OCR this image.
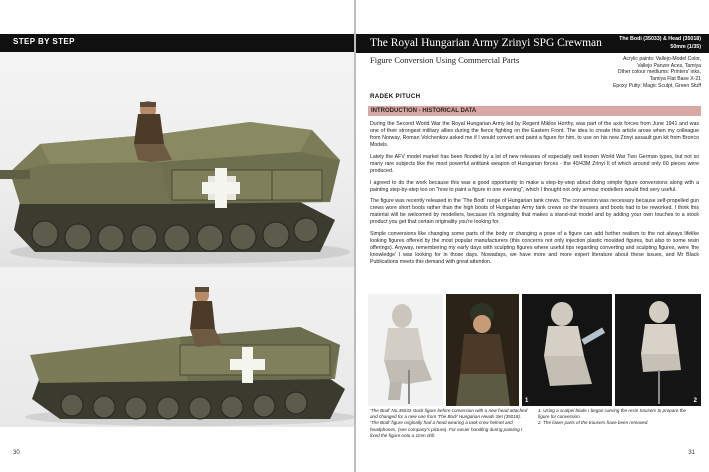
STEP BY STEP
30
The Royal Hungarian Army Zrinyi SPG Crewman	The Bodi (35033) & Head (35018)
50mm (1/35)
Figure Conversion Using Commercial Parts	Acrylic paints: Vallejo-Model Color,
Vallejo Panzer Aces, Tamiya
Other colour mediums: Printers' inks,
Tamiya Flat Base X-21
Epoxy Putty: Magic Sculpt, Green Stuff
RADEK PITUCH
INTRODUCTION - HISTORICAL DATA

During the Second World War the Royal Hungarian Army led by Regent Miklos Horthy, was part of the axis forces from June 1941 and was one of their strongest military allies during the fierce fighting on the Eastern Front. The idea to create this article arose when my colleague from Norway, Roman Volchenkov asked me if I would convert and paint a figure for him, to use on his new Zrinyi assault gun kit from Bronco Models.

Lately the AFV model market has been flooded by a lot of new releases of especially well known World War Two German types, but not so many rare subjects like the most powerful antitank weapon of Hungarian forces - the 40/43M Zrinyi II of which around only 60 pieces were produced.

I agreed to do the work because this was a good opportunity to make a step-by-step about doing simple figure conversions along with a painting step-by-step too on "how to paint a figure in one evening", which I thought not only armour modellers would find very useful.

The figure was recently released in the 'The Bodi' range of Hungarian tank crews. The conversion was necessary because self-propelled gun crews wore short boots rather than the high boots of Hungarian Army tank crews so the trousers and boots had to be reworked. I think this material will be welcomed by modellers, because it's originality that makes a stand-out model and by adding your own touches to a stock product you get that certain originality you're looking for.

Simple conversions like changing some parts of the body or changing a pose of a figure can add further realism to the not always lifelike looking figures offered by the most popular manufacturers (this concerns not only injection plastic moulded figures, but also to some resin offerings). Anyway, remembering my early days with sculpting figures where useful tips regarding converting and sculpting figures, were 'the knowledge' I was looking for in those days. Nowadays, we have more and more expert literature about these issues, and Mr Black Publications meets this demand with great attention.

1	2
'The Bodi' No.35033 stock figure before conversion with a new head attached and changed for a new one from 'The Bodi' Hungarian Heads Set (35018). 'The Bodi' figure originally had a head wearing a tank crew helmet and headphones, (see company's picture). For easier handling during painting I fixed the figure onto a 1mm drill.
1. Using a scalpel blade I began carving the resin trousers to prepare the figure for conversion.
2. The lower parts of the trousers have been removed.
31
